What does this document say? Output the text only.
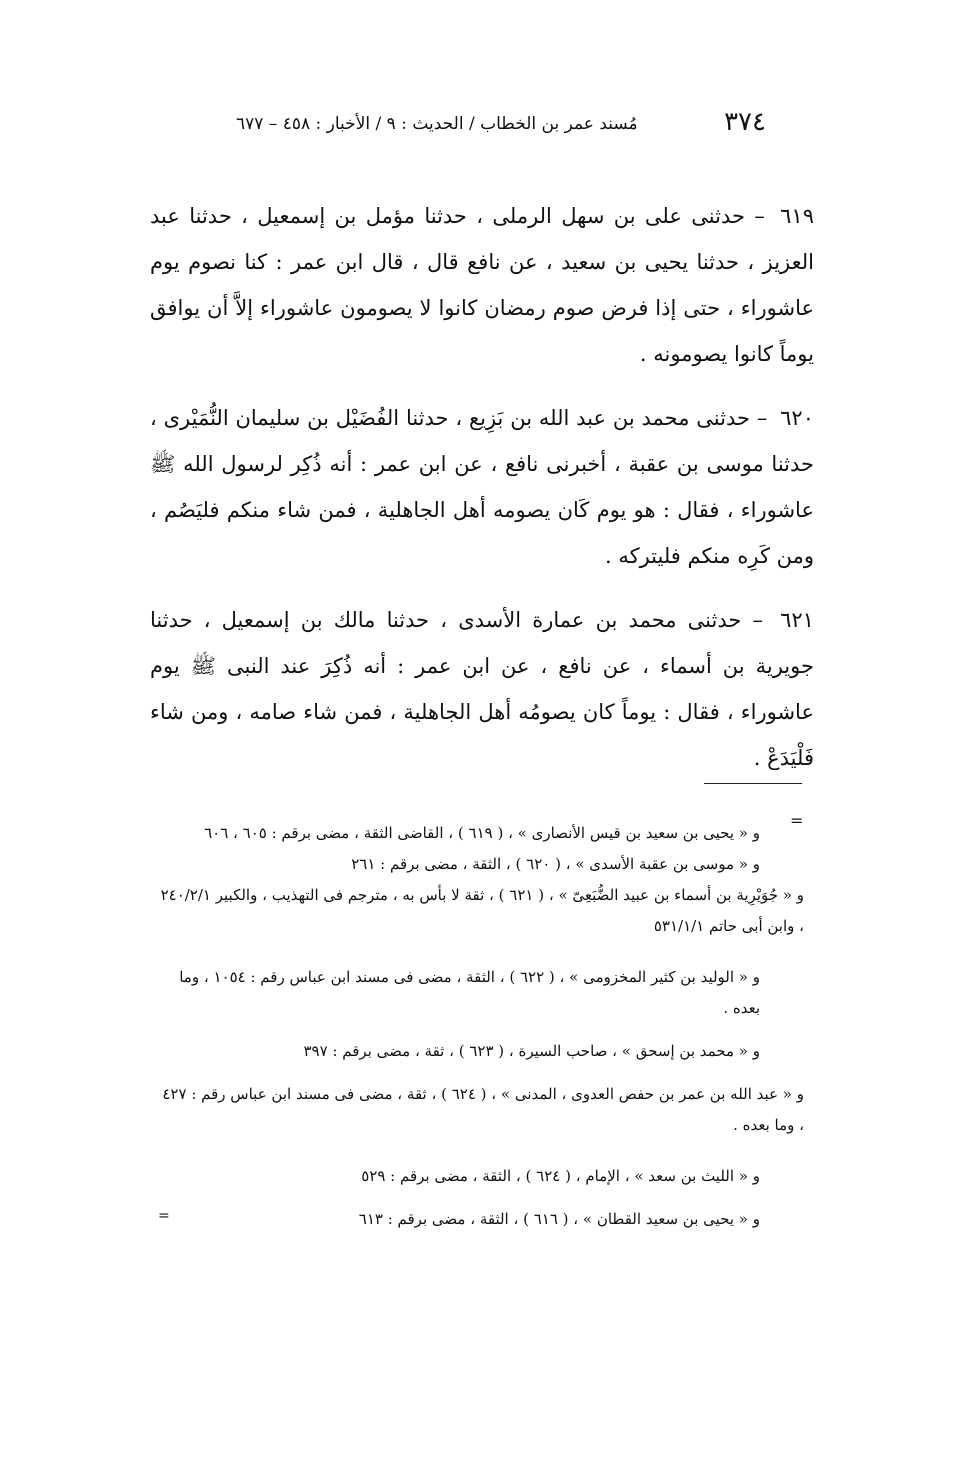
٣٧٤
مُسند عمر بن الخطاب / الحديث : ٩ / الأخبار : ٤٥٨ – ٦٧٧

٦١٩ – حدثنى على بن سهل الرملى ، حدثنا مؤمل بن إسمعيل ، حدثنا عبد العزيز ، حدثنا يحيى بن سعيد ، عن نافع قال ، قال ابن عمر : كنا نصوم يوم عاشوراء ، حتى إذا فرض صوم رمضان كانوا لا يصومون عاشوراء إلاَّ أن يوافق يوماً كانوا يصومونه .

٦٢٠ – حدثنى محمد بن عبد الله بن بَزِيع ، حدثنا الفُضَيْل بن سليمان النُّمَيْرى ، حدثنا موسى بن عقبة ، أخبرنى نافع ، عن ابن عمر : أنه ذُكِر لرسول الله ﷺ عاشوراء ، فقال : هو يوم كَان يصومه أهل الجاهلية ، فمن شاء منكم فليَصُم ، ومن كَرِه منكم فليتركه .

٦٢١ – حدثنى محمد بن عمارة الأسدى ، حدثنا مالك بن إسمعيل ، حدثنا جويرية بن أسماء ، عن نافع ، عن ابن عمر : أنه ذُكِرَ عند النبى ﷺ يوم عاشوراء ، فقال : يوماً كان يصومُه أهل الجاهلية ، فمن شاء صامه ، ومن شاء فَلْيَدَعْ .

=

و « يحيى بن سعيد بن قيس الأنصارى » ، ( ٦١٩ ) ، القاضى الثقة ، مضى برقم : ٦٠٥ ، ٦٠٦

و « موسى بن عقبة الأسدى » ، ( ٦٢٠ ) ، الثقة ، مضى برقم : ٢٦١

و « جُوَيْرِية بن أسماء بن عبيد الضُّبَعِىّ » ، ( ٦٢١ ) ، ثقة لا بأس به ، مترجم فى التهذيب ، والكبير ٢٤٠/٢/١ ، وابن أبى حاتم ٥٣١/١/١

و « الوليد بن كثير المخزومى » ، ( ٦٢٢ ) ، الثقة ، مضى فى مسند ابن عباس رقم : ١٠٥٤ ، وما بعده .

و « محمد بن إسحق » ، صاحب السيرة ، ( ٦٢٣ ) ، ثقة ، مضى برقم : ٣٩٧

و « عبد الله بن عمر بن حفص العدوى ، المدنى » ، ( ٦٢٤ ) ، ثقة ، مضى فى مسند ابن عباس رقم : ٤٢٧ ، وما بعده .

و « الليث بن سعد » ، الإمام ، ( ٦٢٤ ) ، الثقة ، مضى برقم : ٥٢٩

و « يحيى بن سعيد القطان » ، ( ٦١٦ ) ، الثقة ، مضى برقم : ٦١٣

=
